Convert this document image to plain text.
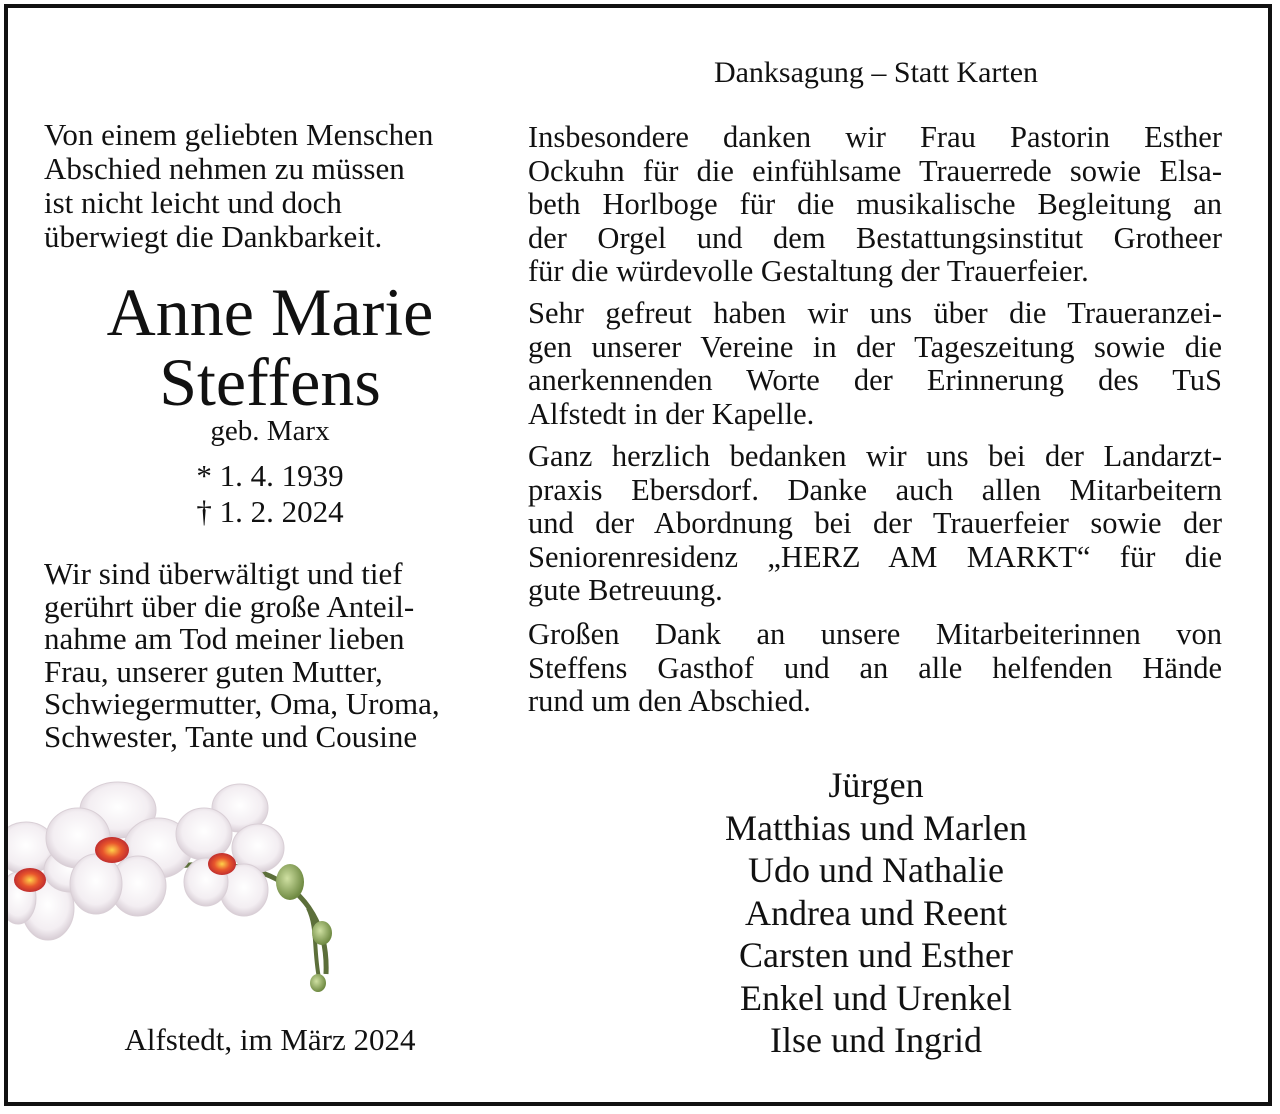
Von einem geliebten Menschen
Abschied nehmen zu müssen
ist nicht leicht und doch
überwiegt die Dankbarkeit.
Anne Marie
Steffens
geb. Marx
* 1. 4. 1939
† 1. 2. 2024
Wir sind überwältigt und tief
gerührt über die große Anteil-
nahme am Tod meiner lieben
Frau, unserer guten Mutter,
Schwiegermutter, Oma, Uroma,
Schwester, Tante und Cousine
Alfstedt, im März 2024
Danksagung – Statt Karten
Insbesondere danken wir Frau Pastorin Esther
Ockuhn für die einfühlsame Trauerrede sowie Elsa-
beth Horlboge für die musikalische Begleitung an
der Orgel und dem Bestattungsinstitut Grotheer
für die würdevolle Gestaltung der Trauerfeier.
Sehr gefreut haben wir uns über die Traueranzei-
gen unserer Vereine in der Tageszeitung sowie die
anerkennenden Worte der Erinnerung des TuS
Alfstedt in der Kapelle.
Ganz herzlich bedanken wir uns bei der Landarzt-
praxis Ebersdorf. Danke auch allen Mitarbeitern
und der Abordnung bei der Trauerfeier sowie der
Seniorenresidenz „HERZ AM MARKT“ für die
gute Betreuung.
Großen Dank an unsere Mitarbeiterinnen von
Steffens Gasthof und an alle helfenden Hände
rund um den Abschied.
Jürgen
Matthias und Marlen
Udo und Nathalie
Andrea und Reent
Carsten und Esther
Enkel und Urenkel
Ilse und Ingrid
